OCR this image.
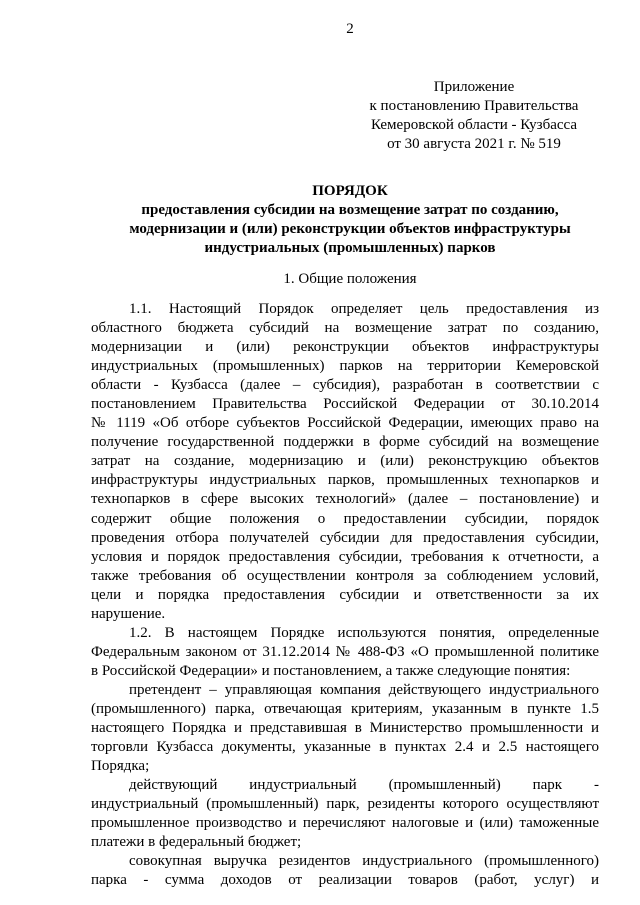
2
Приложение
к постановлению Правительства
Кемеровской области - Кузбасса
от 30 августа 2021 г. № 519
ПОРЯДОК
предоставления субсидии на возмещение затрат по созданию,
модернизации и (или) реконструкции объектов инфраструктуры
индустриальных (промышленных) парков
1. Общие положения
1.1. Настоящий Порядок определяет цель предоставления из
областного бюджета субсидий на возмещение затрат по созданию,
модернизации и (или) реконструкции объектов инфраструктуры
индустриальных (промышленных) парков на территории Кемеровской
области - Кузбасса (далее – субсидия), разработан в соответствии с
постановлением Правительства Российской Федерации от 30.10.2014
№ 1119 «Об отборе субъектов Российской Федерации, имеющих право на
получение государственной поддержки в форме субсидий на возмещение
затрат на создание, модернизацию и (или) реконструкцию объектов
инфраструктуры индустриальных парков, промышленных технопарков и
технопарков в сфере высоких технологий» (далее – постановление) и
содержит общие положения о предоставлении субсидии, порядок
проведения отбора получателей субсидии для предоставления субсидии,
условия и порядок предоставления субсидии, требования к отчетности, а
также требования об осуществлении контроля за соблюдением условий,
цели и порядка предоставления субсидии и ответственности за их
нарушение.
1.2. В настоящем Порядке используются понятия, определенные
Федеральным законом от 31.12.2014 № 488-ФЗ «О промышленной политике
в Российской Федерации» и постановлением, а также следующие понятия:
претендент – управляющая компания действующего индустриального
(промышленного) парка, отвечающая критериям, указанным в пункте 1.5
настоящего Порядка и представившая в Министерство промышленности и
торговли Кузбасса документы, указанные в пунктах 2.4 и 2.5 настоящего
Порядка;
действующий индустриальный (промышленный) парк -
индустриальный (промышленный) парк, резиденты которого осуществляют
промышленное производство и перечисляют налоговые и (или) таможенные
платежи в федеральный бюджет;
совокупная выручка резидентов индустриального (промышленного)
парка - сумма доходов от реализации товаров (работ, услуг) и
